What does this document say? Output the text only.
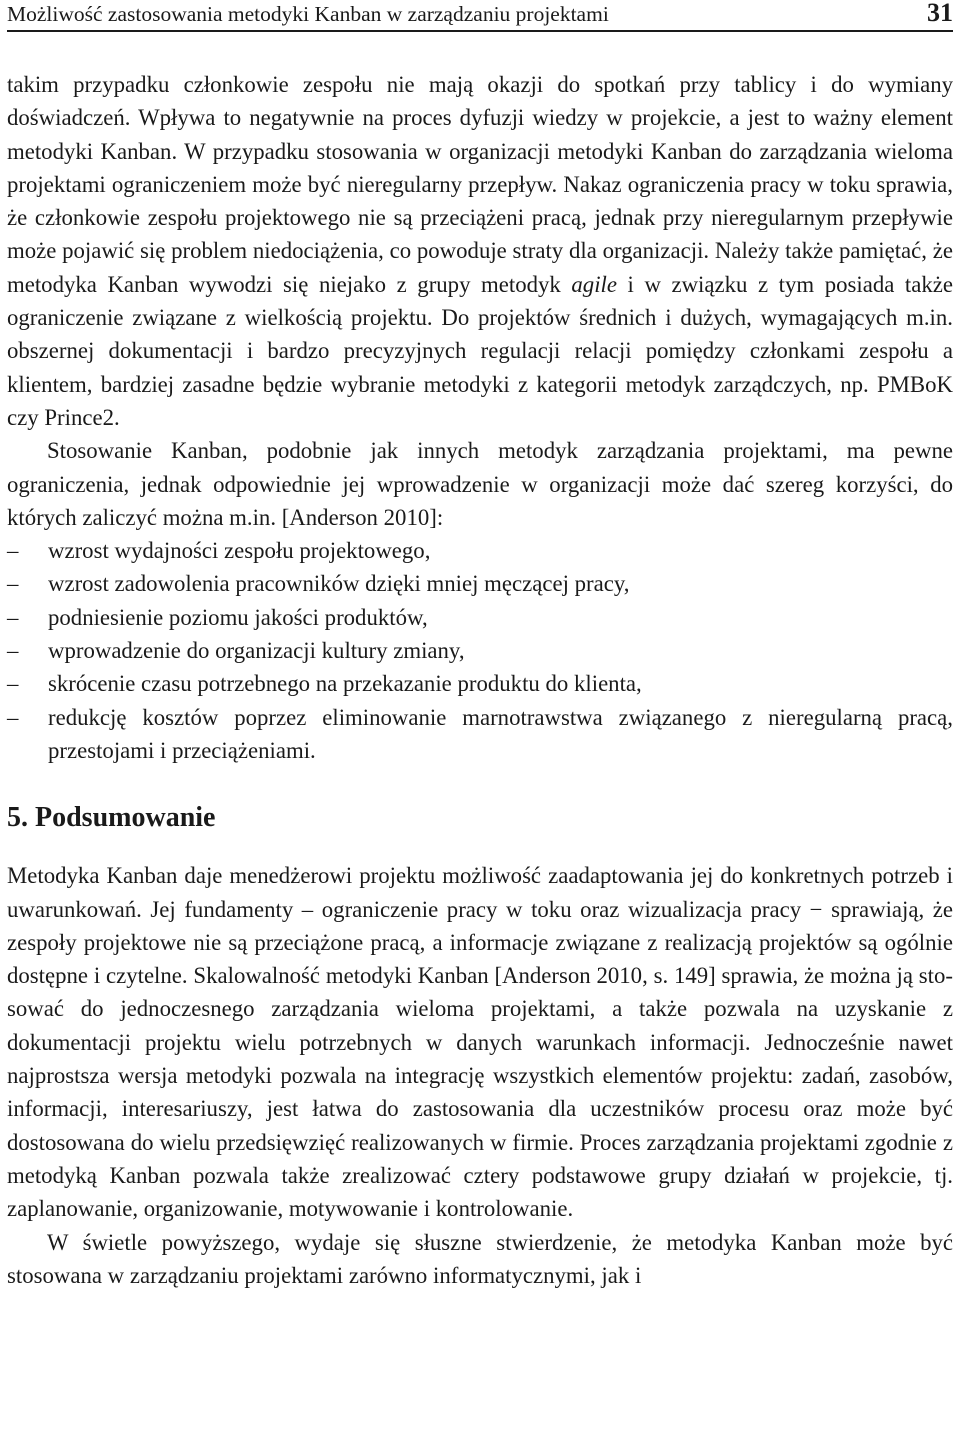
Możliwość zastosowania metodyki Kanban w zarządzaniu projektami	31

takim przypadku członkowie zespołu nie mają okazji do spotkań przy tablicy i do wymiany doświadczeń. Wpływa to negatywnie na proces dyfuzji wiedzy w projekcie, a jest to ważny element metodyki Kanban. W przypadku stosowania w organizacji metodyki Kanban do zarządzania wieloma projektami ograniczeniem może być nieregularny przepływ. Nakaz ograniczenia pracy w toku sprawia, że członkowie zespołu projektowego nie są przeciążeni pracą, jednak przy nieregularnym przepływie może pojawić się problem niedociążenia, co powoduje straty dla organizacji. Należy także pamiętać, że metodyka Kanban wywodzi się niejako z grupy metodyk agile i w związku z tym posiada także ograniczenie związane z wielkością projektu. Do projektów średnich i dużych, wymagających m.in. obszernej dokumentacji i bardzo precyzyjnych regulacji relacji pomiędzy członkami zespołu a klientem, bardziej zasadne będzie wybranie metodyki z kategorii metodyk zarządczych, np. PMBoK czy Prince2.

Stosowanie Kanban, podobnie jak innych metodyk zarządzania projektami, ma pewne ograniczenia, jednak odpowiednie jej wprowadzenie w organizacji może dać szereg korzyści, do których zaliczyć można m.in. [Anderson 2010]:

–	wzrost wydajności zespołu projektowego,
–	wzrost zadowolenia pracowników dzięki mniej męczącej pracy,
–	podniesienie poziomu jakości produktów,
–	wprowadzenie do organizacji kultury zmiany,
–	skrócenie czasu potrzebnego na przekazanie produktu do klienta,
–	redukcję kosztów poprzez eliminowanie marnotrawstwa związanego z nieregularną pracą, przestojami i przeciążeniami.
5. Podsumowanie

Metodyka Kanban daje menedżerowi projektu możliwość zaadaptowania jej do konkretnych potrzeb i uwarunkowań. Jej fundamenty – ograniczenie pracy w toku oraz wizualizacja pracy − sprawiają, że zespoły projektowe nie są przeciążone pracą, a informacje związane z realizacją projektów są ogólnie dostępne i czytelne. Skalowalność metodyki Kanban [Anderson 2010, s. 149] sprawia, że można ją stosować do jednoczesnego zarządzania wieloma projektami, a także pozwala na uzyskanie z dokumentacji projektu wielu potrzebnych w danych warunkach informacji. Jednocześnie nawet najprostsza wersja metodyki pozwala na integrację wszystkich elementów projektu: zadań, zasobów, informacji, interesariuszy, jest łatwa do zastosowania dla uczestników procesu oraz może być dostosowana do wielu przedsięwzięć realizowanych w firmie. Proces zarządzania projektami zgodnie z metodyką Kanban pozwala także zrealizować cztery podstawowe grupy działań w projekcie, tj. zaplanowanie, organizowanie, motywowanie i kontrolowanie.

W świetle powyższego, wydaje się słuszne stwierdzenie, że metodyka Kanban może być stosowana w zarządzaniu projektami zarówno informatycznymi, jak i
